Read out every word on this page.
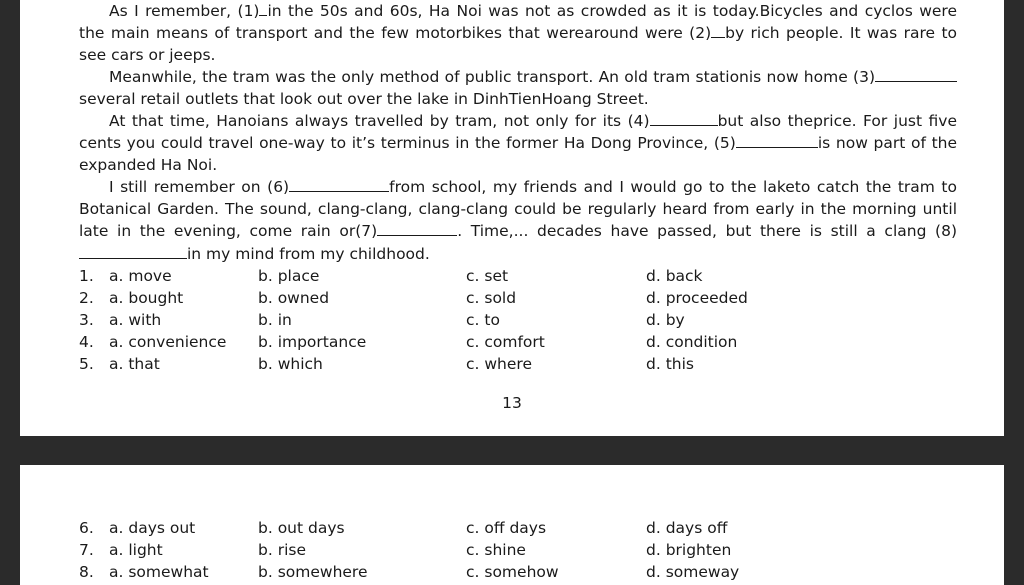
As I remember, (1) in the 50s and 60s, Ha Noi was not as crowded as it is today.Bicycles and cyclos were the main means of transport and the few motorbikes that werearound were (2) by rich people. It was rare to see cars or jeeps.

Meanwhile, the tram was the only method of public transport. An old tram stationis now home (3)several retail outlets that look out over the lake in DinhTienHoang Street.

At that time, Hanoians always travelled by tram, not only for its (4)	but also theprice. For just five cents you could travel one-way to it’s terminus in the former Ha Dong Province, (5)	is now part of the expanded Ha Noi.

I still remember on (6)	from school, my friends and I would go to the laketo catch the tram to Botanical Garden. The sound, clang-clang, clang-clang could be regularly heard from early in the morning until late in the evening, come rain or(7)	. Time,... decades have passed, but there is still a clang (8)in my mind from my childhood.

1. a. move	b. place	c. set	d. back
2. a. bought	b. owned	c. sold	d. proceeded
3. a. with	b. in	c. to	d. by
4. a. convenience b. importance	c. comfort	d. condition
5. a. that	b. which	c. where	d. this
13
6. a. days out	b. out days	c. off days	d. days off
7. a. light	b. rise	c. shine	d. brighten
8. a. somewhat	b. somewhere	c. somehow	d. someway
